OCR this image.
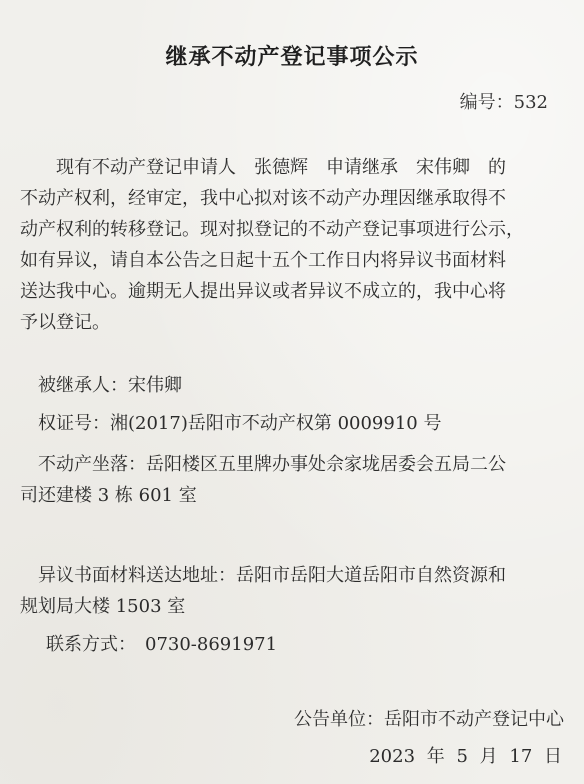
继承不动产登记事项公示
编号：532

现有不动产登记申请人　张德辉　申请继承　宋伟卿　的

不动产权利，经审定，我中心拟对该不动产办理因继承取得不

动产权利的转移登记。现对拟登记的不动产登记事项进行公示，

如有异议，请自本公告之日起十五个工作日内将异议书面材料

送达我中心。逾期无人提出异议或者异议不成立的，我中心将

予以登记。

被继承人：宋伟卿
权证号：湘(2017)岳阳市不动产权第 0009910 号
不动产坐落：岳阳楼区五里牌办事处佘家垅居委会五局二公
司还建楼 3 栋 601 室
异议书面材料送达地址：岳阳市岳阳大道岳阳市自然资源和
规划局大楼 1503 室
联系方式：　0730-8691971
公告单位：岳阳市不动产登记中心
2023 年 5 月 17 日
